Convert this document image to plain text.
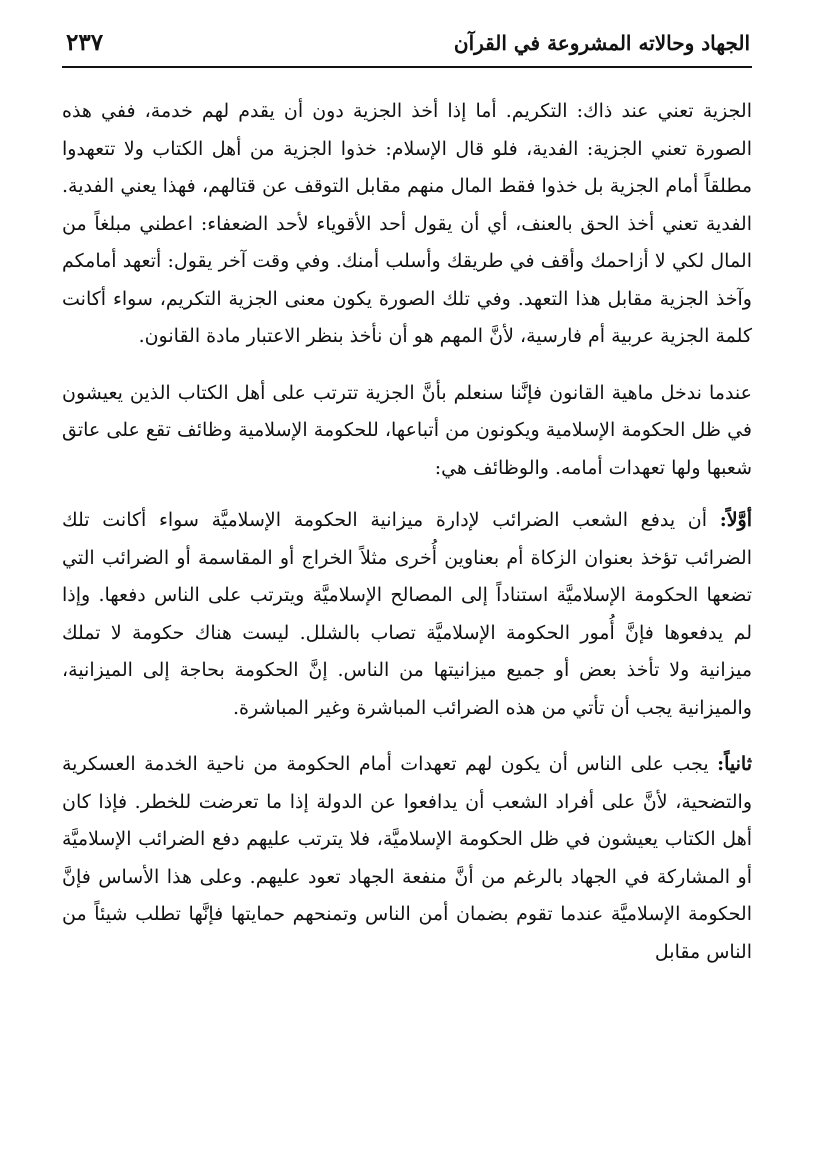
الجهاد وحالاته المشروعة في القرآن
٢٣٧

الجزية تعني عند ذاك: التكريم. أما إذا أخذ الجزية دون أن يقدم لهم خدمة، ففي هذه الصورة تعني الجزية: الفدية، فلو قال الإسلام: خذوا الجزية من أهل الكتاب ولا تتعهدوا مطلقاً أمام الجزية بل خذوا فقط المال منهم مقابل التوقف عن قتالهم، فهذا يعني الفدية. الفدية تعني أخذ الحق بالعنف، أي أن يقول أحد الأقوياء لأحد الضعفاء: اعطني مبلغاً من المال لكي لا أزاحمك وأقف في طريقك وأسلب أمنك. وفي وقت آخر يقول: أتعهد أمامكم وآخذ الجزية مقابل هذا التعهد. وفي تلك الصورة يكون معنى الجزية التكريم، سواء أكانت كلمة الجزية عربية أم فارسية، لأنَّ المهم هو أن نأخذ بنظر الاعتبار مادة القانون.

عندما ندخل ماهية القانون فإنَّنا سنعلم بأنَّ الجزية تترتب على أهل الكتاب الذين يعيشون في ظل الحكومة الإسلامية ويكونون من أتباعها، للحكومة الإسلامية وظائف تقع على عاتق شعبها ولها تعهدات أمامه. والوظائف هي:

أوَّلاً: أن يدفع الشعب الضرائب لإدارة ميزانية الحكومة الإسلاميَّة سواء أكانت تلك الضرائب تؤخذ بعنوان الزكاة أم بعناوين أُخرى مثلاً الخراج أو المقاسمة أو الضرائب التي تضعها الحكومة الإسلاميَّة استناداً إلى المصالح الإسلاميَّة ويترتب على الناس دفعها. وإذا لم يدفعوها فإنَّ أُمور الحكومة الإسلاميَّة تصاب بالشلل. ليست هناك حكومة لا تملك ميزانية ولا تأخذ بعض أو جميع ميزانيتها من الناس. إنَّ الحكومة بحاجة إلى الميزانية، والميزانية يجب أن تأتي من هذه الضرائب المباشرة وغير المباشرة.

ثانياً: يجب على الناس أن يكون لهم تعهدات أمام الحكومة من ناحية الخدمة العسكرية والتضحية، لأنَّ على أفراد الشعب أن يدافعوا عن الدولة إذا ما تعرضت للخطر. فإذا كان أهل الكتاب يعيشون في ظل الحكومة الإسلاميَّة، فلا يترتب عليهم دفع الضرائب الإسلاميَّة أو المشاركة في الجهاد بالرغم من أنَّ منفعة الجهاد تعود عليهم. وعلى هذا الأساس فإنَّ الحكومة الإسلاميَّة عندما تقوم بضمان أمن الناس وتمنحهم حمايتها فإنَّها تطلب شيئاً من الناس مقابل
